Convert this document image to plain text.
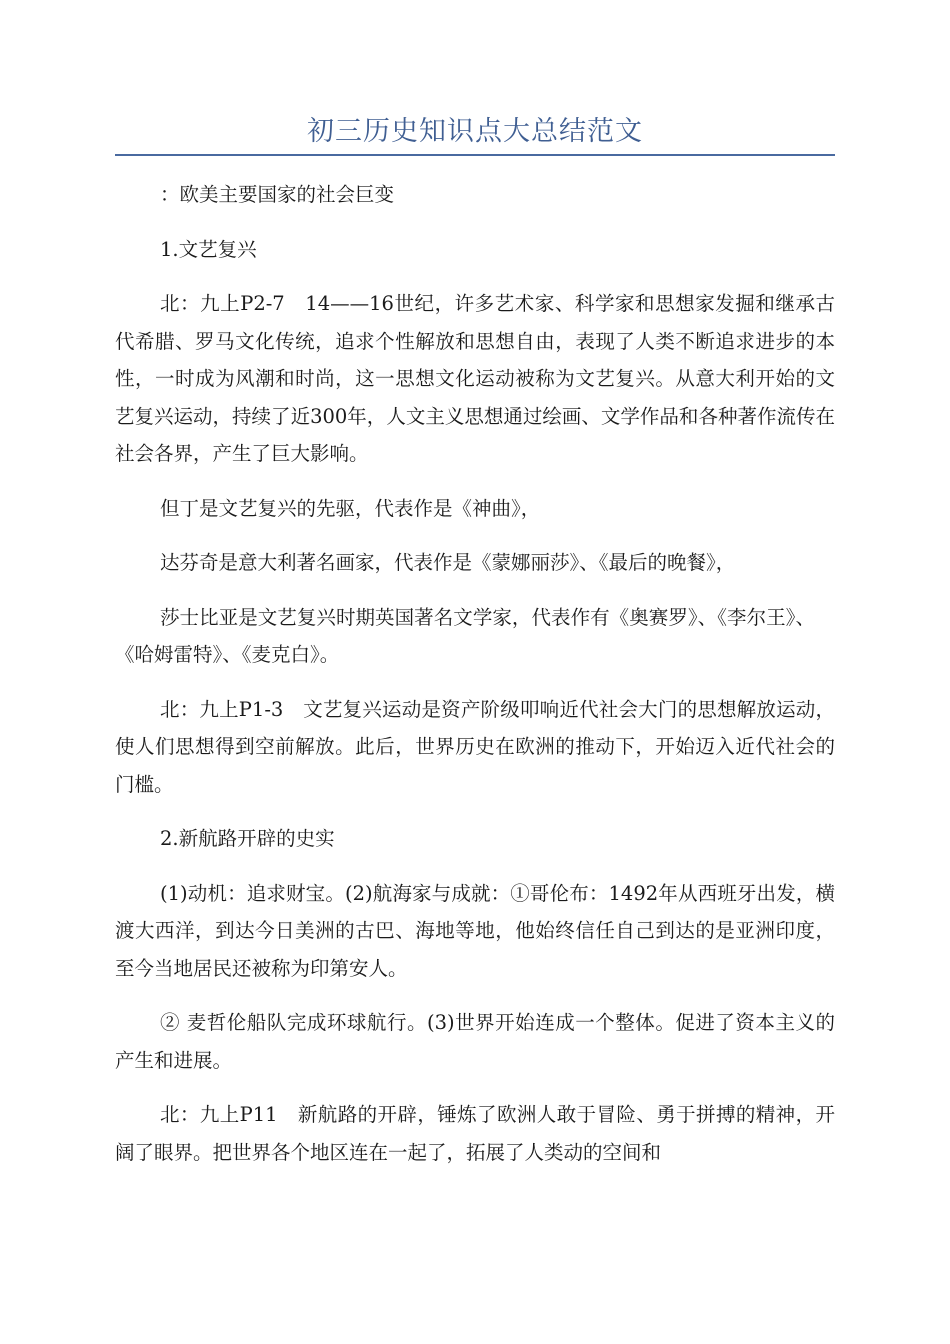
初三历史知识点大总结范文

：欧美主要国家的社会巨变

1.文艺复兴

北：九上P2-7　14——16世纪，许多艺术家、科学家和思想家发掘和继承古代希腊、罗马文化传统，追求个性解放和思想自由，表现了人类不断追求进步的本性，一时成为风潮和时尚，这一思想文化运动被称为文艺复兴。从意大利开始的文艺复兴运动，持续了近300年，人文主义思想通过绘画、文学作品和各种著作流传在社会各界，产生了巨大影响。

但丁是文艺复兴的先驱，代表作是《神曲》，

达芬奇是意大利著名画家，代表作是《蒙娜丽莎》、《最后的晚餐》，

莎士比亚是文艺复兴时期英国著名文学家，代表作有《奥赛罗》、《李尔王》、《哈姆雷特》、《麦克白》。

北：九上P1-3　文艺复兴运动是资产阶级叩响近代社会大门的思想解放运动，使人们思想得到空前解放。此后，世界历史在欧洲的推动下，开始迈入近代社会的门槛。

2.新航路开辟的史实

(1)动机：追求财宝。(2)航海家与成就：①哥伦布：1492年从西班牙出发，横渡大西洋，到达今日美洲的古巴、海地等地，他始终信任自己到达的是亚洲印度，至今当地居民还被称为印第安人。

② 麦哲伦船队完成环球航行。(3)世界开始连成一个整体。促进了资本主义的产生和进展。

北：九上P11　新航路的开辟，锤炼了欧洲人敢于冒险、勇于拼搏的精神，开阔了眼界。把世界各个地区连在一起了，拓展了人类动的空间和
